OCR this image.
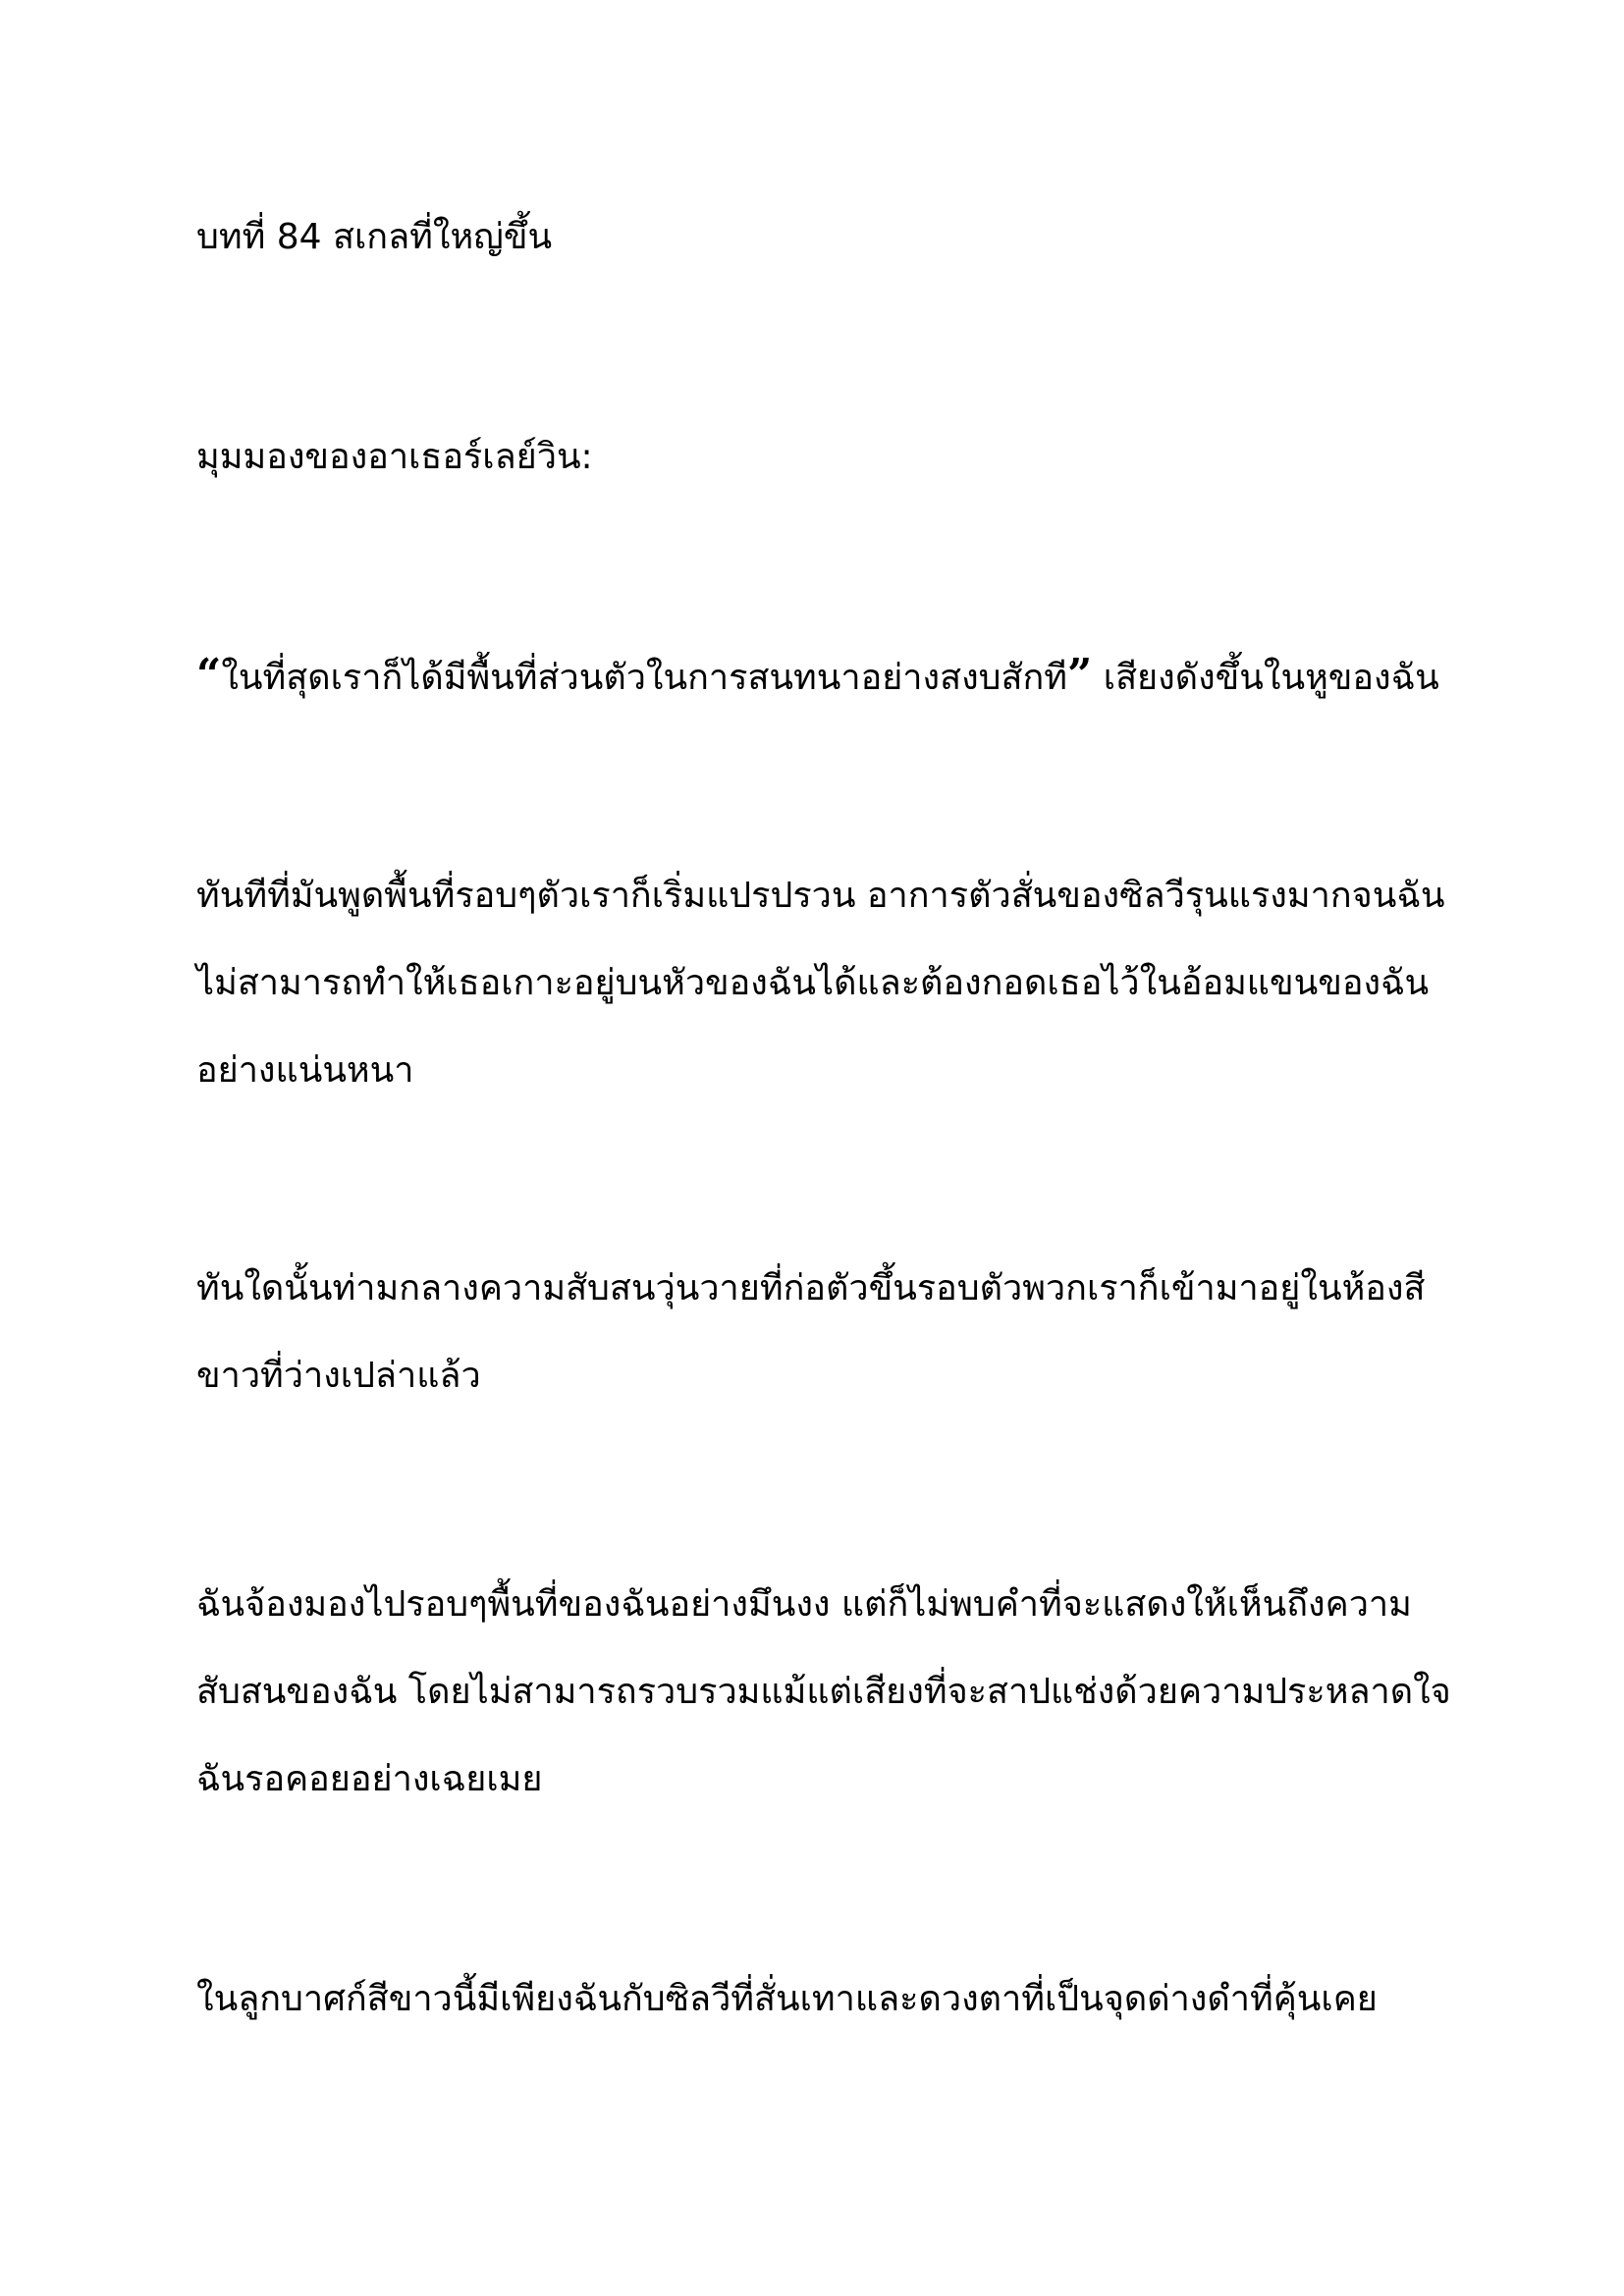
บทที่ 84 สเกลที่ใหญ่ขึ้น

มุมมองของอาเธอร์เลย์วิน:

“ในที่สุดเราก็ได้มีพื้นที่ส่วนตัวในการสนทนาอย่างสงบสักที” เสียงดังขึ้นในหูของฉัน

ทันทีที่มันพูดพื้นที่รอบๆตัวเราก็เริ่มแปรปรวน อาการตัวสั่นของซิลวีรุนแรงมากจนฉัน
ไม่สามารถทำให้เธอเกาะอยู่บนหัวของฉันได้และต้องกอดเธอไว้ในอ้อมแขนของฉัน
อย่างแน่นหนา
ทันใดนั้นท่ามกลางความสับสนวุ่นวายที่ก่อตัวขึ้นรอบตัวพวกเราก็เข้ามาอยู่ในห้องสี
ขาวที่ว่างเปล่าแล้ว
ฉันจ้องมองไปรอบๆพื้นที่ของฉันอย่างมึนงง แต่ก็ไม่พบคำที่จะแสดงให้เห็นถึงความ
สับสนของฉัน โดยไม่สามารถรวบรวมแม้แต่เสียงที่จะสาปแช่งด้วยความประหลาดใจ
ฉันรอคอยอย่างเฉยเมย
ในลูกบาศก์สีขาวนี้มีเพียงฉันกับซิลวีที่สั่นเทาและดวงตาที่เป็นจุดด่างดำที่คุ้นเคย
